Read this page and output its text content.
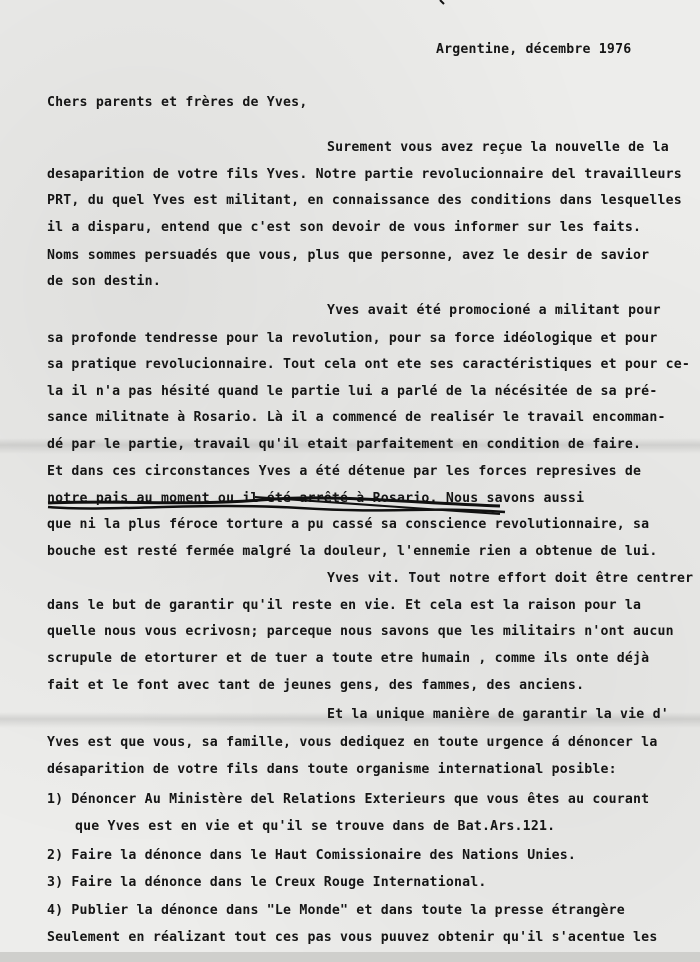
Argentine, décembre 1976
Chers parents et frères de Yves,
Surement vous avez reçue la nouvelle de la
desaparition de votre fils Yves. Notre partie revolucionnaire del travailleurs
PRT, du quel Yves est militant, en connaissance des conditions dans lesquelles
il a disparu, entend que c'est son devoir de vous informer sur les faits.
Noms sommes persuadés que vous, plus que personne, avez le desir de savior
de son destin.
Yves avait été promocioné a militant pour
sa profonde tendresse pour la revolution, pour sa force idéologique et pour
sa pratique revolucionnaire. Tout cela ont ete ses caractéristiques et pour ce-
la il n'a pas hésité quand le partie lui a parlé de la nécésitée de sa pré-
sance militnate à Rosario. Là il a commencé de realisér le travail encomman-
dé par le partie, travail qu'il etait parfaitement en condition de faire.
Et dans ces circonstances Yves a été détenue par les forces represives de
notre pais au moment ou il été arrêté à Rosario. Nous savons aussi
que ni la plus féroce torture a pu cassé sa conscience revolutionnaire, sa
bouche est resté fermée malgré la douleur, l'ennemie rien a obtenue de lui.
Yves vit. Tout notre effort doit être centrer
dans le but de garantir qu'il reste en vie. Et cela est la raison pour la
quelle nous vous ecrivosn; parceque nous savons que les militairs n'ont aucun
scrupule de etorturer et de tuer a toute etre humain , comme ils onte déjà
fait et le font avec tant de jeunes gens, des fammes, des anciens.
Et la unique manière de garantir la vie d'
Yves est que vous, sa famille, vous dediquez en toute urgence á dénoncer la
désaparition de votre fils dans toute organisme international posible:
1) Dénoncer Au Ministère del Relations Exterieurs que vous êtes au courant
que Yves est en vie et qu'il se trouve dans de Bat.Ars.121.
2) Faire la dénonce dans le Haut Comissionaire des Nations Unies.
3) Faire la dénonce dans le Creux Rouge International.
4) Publier la dénonce dans "Le Monde" et dans toute la presse étrangère
Seulement en réalizant tout ces pas vous puuvez obtenir qu'il s'acentue les
